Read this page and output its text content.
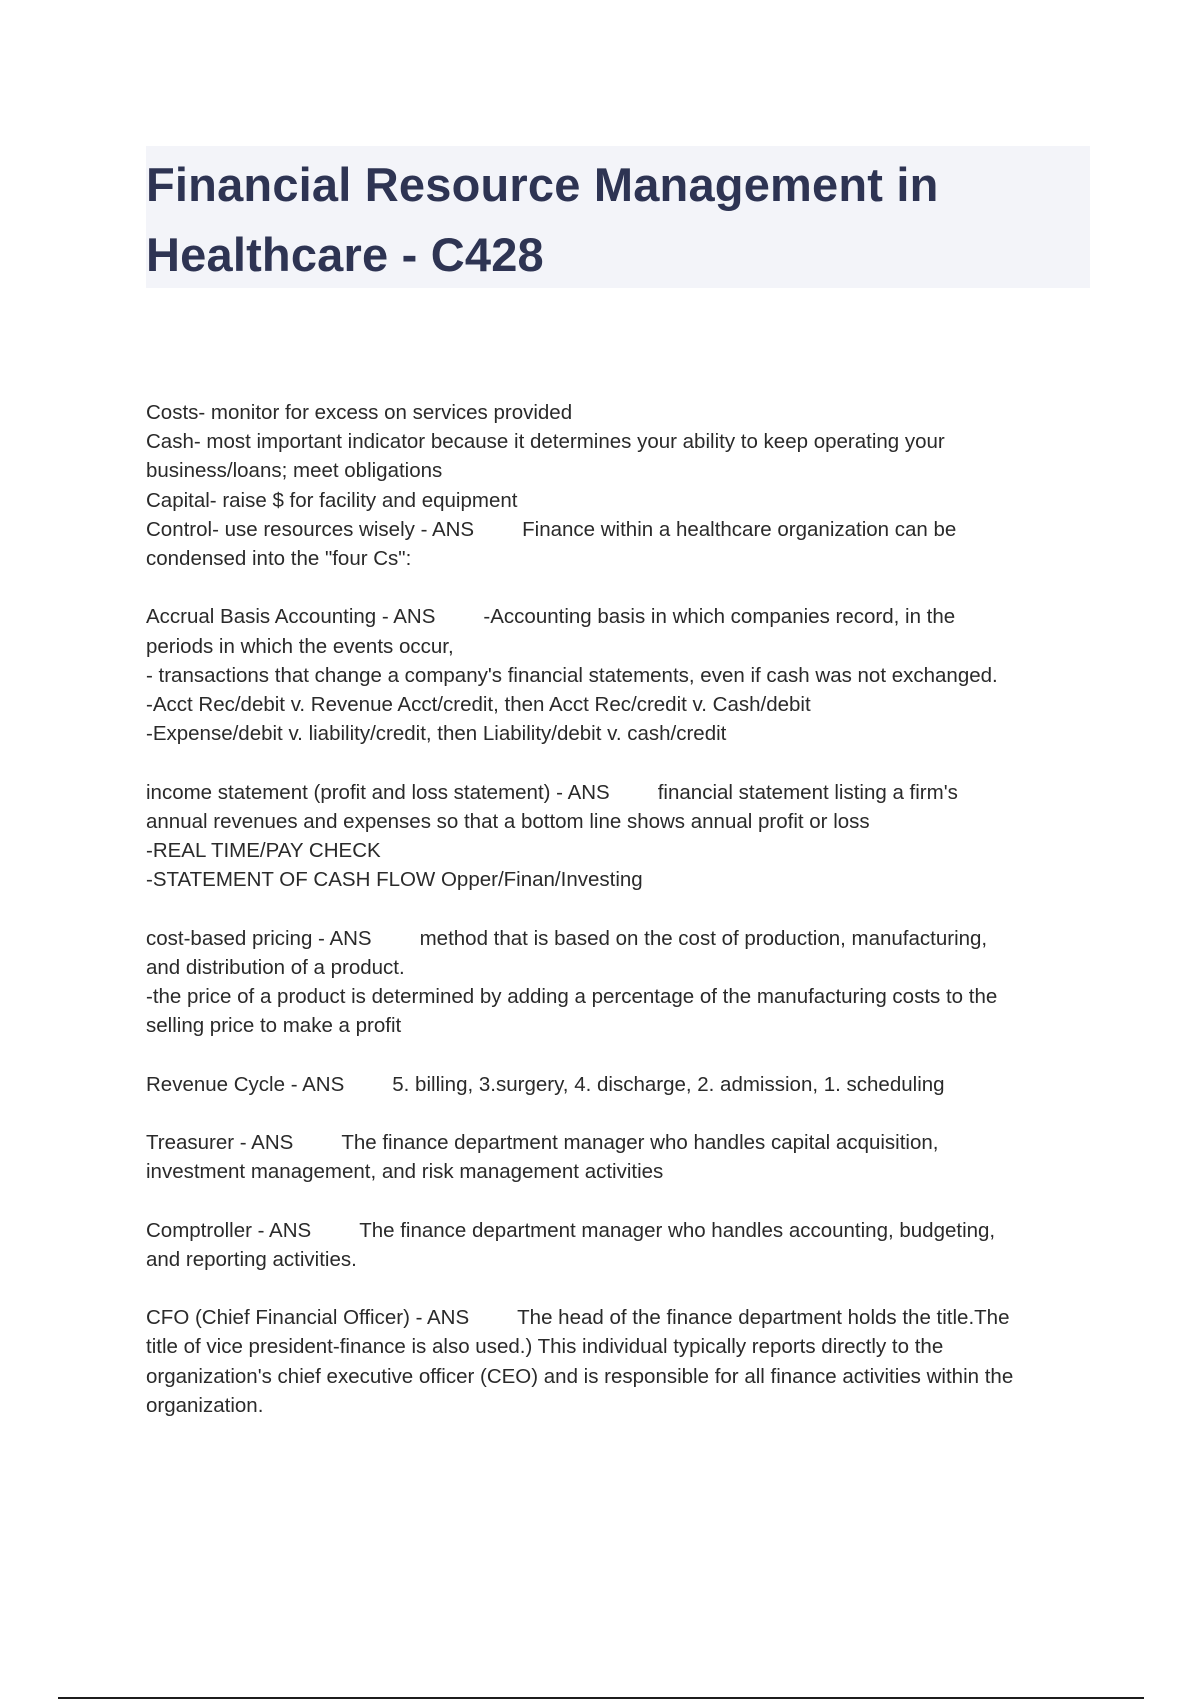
Financial Resource Management in
Healthcare - C428
Costs- monitor for excess on services provided
Cash- most important indicator because it determines your ability to keep operating your
business/loans; meet obligations
Capital- raise $ for facility and equipment
Control- use resources wisely - ANS Finance within a healthcare organization can be
condensed into the "four Cs":
Accrual Basis Accounting - ANS -Accounting basis in which companies record, in the
periods in which the events occur,
- transactions that change a company's financial statements, even if cash was not exchanged.
-Acct Rec/debit v. Revenue Acct/credit, then Acct Rec/credit v. Cash/debit
-Expense/debit v. liability/credit, then Liability/debit v. cash/credit
income statement (profit and loss statement) - ANS financial statement listing a firm's
annual revenues and expenses so that a bottom line shows annual profit or loss
-REAL TIME/PAY CHECK
-STATEMENT OF CASH FLOW Opper/Finan/Investing
cost-based pricing - ANS method that is based on the cost of production, manufacturing,
and distribution of a product.
-the price of a product is determined by adding a percentage of the manufacturing costs to the
selling price to make a profit
Revenue Cycle - ANS 5. billing, 3.surgery, 4. discharge, 2. admission, 1. scheduling
Treasurer - ANS The finance department manager who handles capital acquisition,
investment management, and risk management activities
Comptroller - ANS The finance department manager who handles accounting, budgeting,
and reporting activities.
CFO (Chief Financial Officer) - ANS The head of the finance department holds the title.The
title of vice president-finance is also used.) This individual typically reports directly to the
organization's chief executive officer (CEO) and is responsible for all finance activities within the
organization.
